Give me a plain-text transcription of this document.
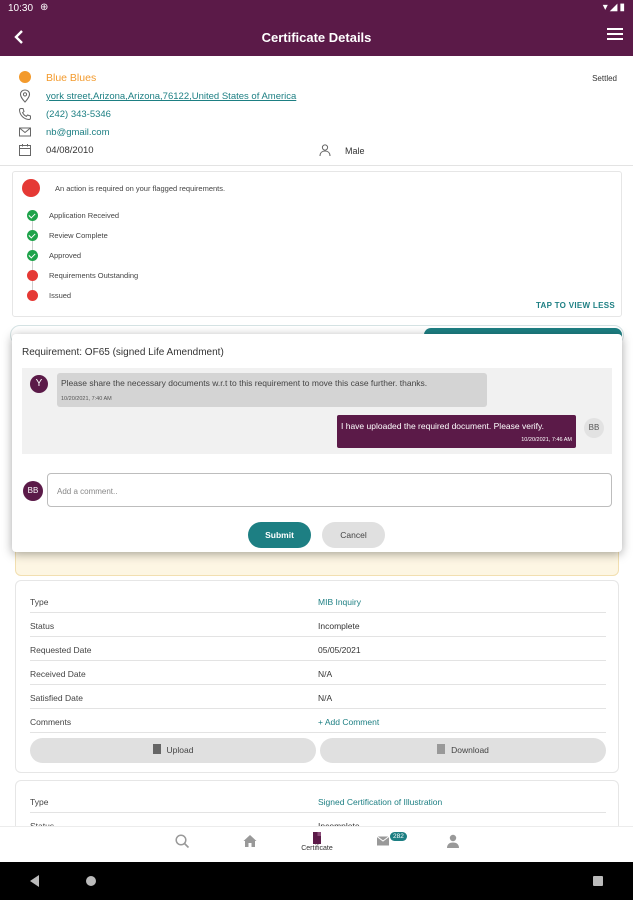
10:30 ⊕	▾◢▮
Certificate Details
Blue Blues	Settled
york street,Arizona,Arizona,76122,United States of America
(242) 343-5346
nb@gmail.com
04/08/2010	Male
An action is required on your flagged requirements.
Application Received
Review Complete
Approved
Requirements Outstanding
Issued
TAP TO VIEW LESS
Requirement: OF65 (signed Life Amendment)
Y	Please share the necessary documents w.r.t to this requirement to move this case further. thanks.
10/20/2021, 7:40 AM
I have uploaded the required document. Please verify.
10/20/2021, 7:46 AM
BB
BB	Add a comment..
Submit	Cancel
Type	MIB Inquiry
Status	Incomplete
Requested Date	05/05/2021
Received Date	N/A
Satisfied Date	N/A
Comments	+ Add Comment
Upload	Download
Type	Signed Certification of Illustration
Certificate
282
